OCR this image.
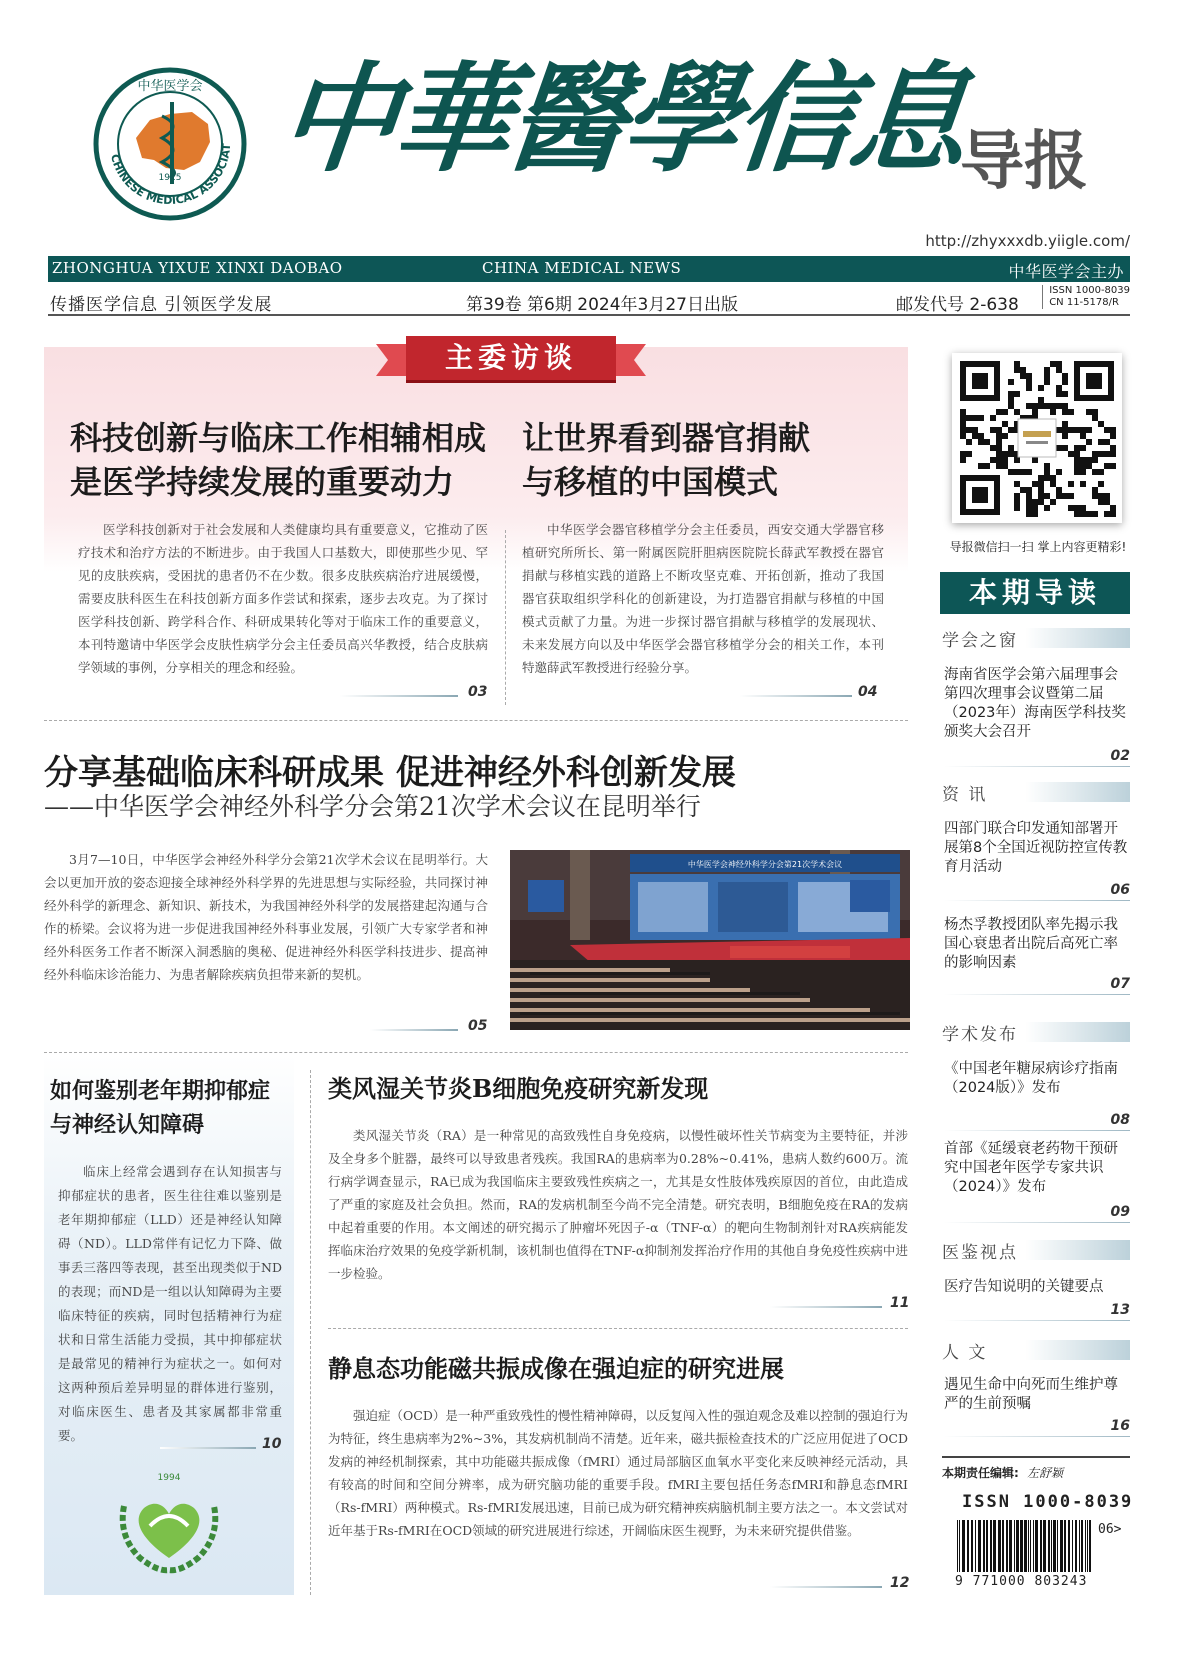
中华医学会
1915
CHINESE MEDICAL ASSOCIAT 中華醫學信息
导报
http://zhyxxxdb.yiigle.com/
ZHONGHUA YIXUE XINXI DAOBAO	CHINA MEDICAL NEWS	中华医学会主办
传播医学信息 引领医学发展	第39卷 第6期 2024年3月27日出版	邮发代号 2-638
ISSN 1000-8039
CN 11-5178/R
主委访谈
科技创新与临床工作相辅相成
是医学持续发展的重要动力
医学科技创新对于社会发展和人类健康均具有重要意义，它推动了医疗技术和治疗方法的不断进步。由于我国人口基数大，即使那些少见、罕见的皮肤疾病，受困扰的患者仍不在少数。很多皮肤疾病治疗进展缓慢，需要皮肤科医生在科技创新方面多作尝试和探索，逐步去攻克。为了探讨医学科技创新、跨学科合作、科研成果转化等对于临床工作的重要意义，本刊特邀请中华医学会皮肤性病学分会主任委员高兴华教授，结合皮肤病学领域的事例，分享相关的理念和经验。
03
让世界看到器官捐献
与移植的中国模式
中华医学会器官移植学分会主任委员，西安交通大学器官移植研究所所长、第一附属医院肝胆病医院院长薛武军教授在器官捐献与移植实践的道路上不断攻坚克难、开拓创新，推动了我国器官获取组织学科化的创新建设，为打造器官捐献与移植的中国模式贡献了力量。为进一步探讨器官捐献与移植学的发展现状、未来发展方向以及中华医学会器官移植学分会的相关工作，本刊特邀薛武军教授进行经验分享。
04
分享基础临床科研成果 促进神经外科创新发展
——中华医学会神经外科学分会第21次学术会议在昆明举行
3月7—10日，中华医学会神经外科学分会第21次学术会议在昆明举行。大会以更加开放的姿态迎接全球神经外科学界的先进思想与实际经验，共同探讨神经外科学的新理念、新知识、新技术，为我国神经外科学的发展搭建起沟通与合作的桥梁。会议将为进一步促进我国神经外科事业发展，引领广大专家学者和神经外科医务工作者不断深入洞悉脑的奥秘、促进神经外科医学科技进步、提高神经外科临床诊治能力、为患者解除疾病负担带来新的契机。
中华医学会神经外科学分会第21次学术会议
05
如何鉴别老年期抑郁症
与神经认知障碍
临床上经常会遇到存在认知损害与抑郁症状的患者，医生往往难以鉴别是老年期抑郁症（LLD）还是神经认知障碍（ND）。LLD常伴有记忆力下降、做事丢三落四等表现，甚至出现类似于ND的表现；而ND是一组以认知障碍为主要临床特征的疾病，同时包括精神行为症状和日常生活能力受损，其中抑郁症状是最常见的精神行为症状之一。如何对这两种预后差异明显的群体进行鉴别，对临床医生、患者及其家属都非常重要。
10
1994
类风湿关节炎B细胞免疫研究新发现
类风湿关节炎（RA）是一种常见的高致残性自身免疫病，以慢性破坏性关节病变为主要特征，并涉及全身多个脏器，最终可以导致患者残疾。我国RA的患病率为0.28%~0.41%，患病人数约600万。流行病学调查显示，RA已成为我国临床主要致残性疾病之一，尤其是女性肢体残疾原因的首位，由此造成了严重的家庭及社会负担。然而，RA的发病机制至今尚不完全清楚。研究表明，B细胞免疫在RA的发病中起着重要的作用。本文阐述的研究揭示了肿瘤坏死因子-α（TNF-α）的靶向生物制剂针对RA疾病能发挥临床治疗效果的免疫学新机制，该机制也值得在TNF-α抑制剂发挥治疗作用的其他自身免疫性疾病中进一步检验。
11
静息态功能磁共振成像在强迫症的研究进展
强迫症（OCD）是一种严重致残性的慢性精神障碍，以反复闯入性的强迫观念及难以控制的强迫行为为特征，终生患病率为2%~3%，其发病机制尚不清楚。近年来，磁共振检查技术的广泛应用促进了OCD发病的神经机制探索，其中功能磁共振成像（fMRI）通过局部脑区血氧水平变化来反映神经元活动，具有较高的时间和空间分辨率，成为研究脑功能的重要手段。fMRI主要包括任务态fMRI和静息态fMRI（Rs-fMRI）两种模式。Rs-fMRI发展迅速，目前已成为研究精神疾病脑机制主要方法之一。本文尝试对近年基于Rs-fMRI在OCD领域的研究进展进行综述，开阔临床医生视野，为未来研究提供借鉴。
12
导报微信扫一扫 掌上内容更精彩!
本期导读
学会之窗
海南省医学会第六届理事会第四次理事会议暨第二届（2023年）海南医学科技奖颁奖大会召开
02
资 讯
四部门联合印发通知部署开展第8个全国近视防控宣传教育月活动
06
杨杰孚教授团队率先揭示我国心衰患者出院后高死亡率的影响因素
07
学术发布
《中国老年糖尿病诊疗指南（2024版）》发布
08
首部《延缓衰老药物干预研究中国老年医学专家共识（2024）》发布
09
医鉴视点
医疗告知说明的关键要点
13
人 文
遇见生命中向死而生维护尊严的生前预嘱
16
本期责任编辑: 左舒颖
ISSN 1000-8039
9 771000 803243
06>
